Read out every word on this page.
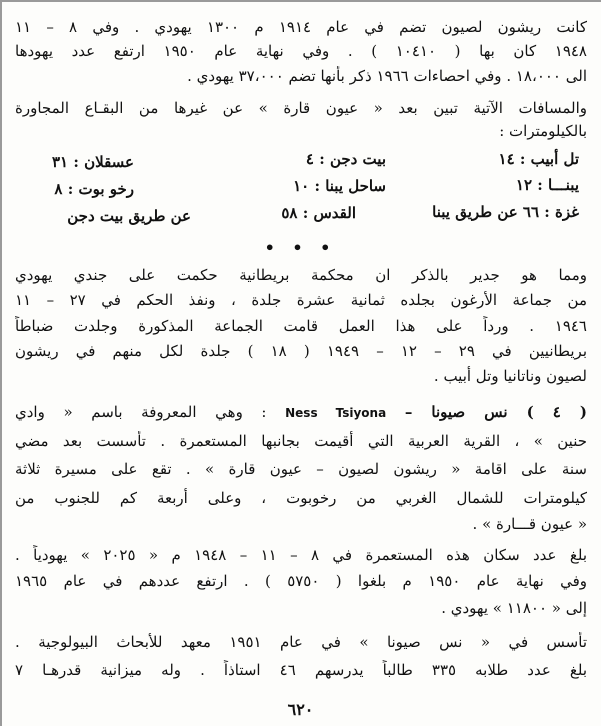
كانت ريشون لصيون تضم في عام ١٩١٤ م ١٣٠٠ يهودي . وفي ٨ – ١١
١٩٤٨ كان بها ( ١٠٤١٠ ) . وفي نهاية عام ١٩٥٠ ارتفع عدد يهودها
الى ١٨،٠٠٠ . وفي احصاءات ١٩٦٦ ذكر بأنها تضم ٣٧،٠٠٠ يهودي .
والمسافات الآتية تبين بعد « عيون قارة » عن غيرها من البقـاع المجاورة
بالكيلومترات :
تل أبيب : ١٤
بيت دجن : ٤
عسقلان : ٣١
يبنـــا : ١٢
ساحل يبنا : ١٠
رخو بوت : ٨
غزة : ٦٦ عن طريق يبنا
القدس : ٥٨
عن طريق بيت دجن
• • •
ومما هو جدير بالذكر ان محكمة بريطانية حكمت على جندي يهودي
من جماعة الأرغون بجلده ثمانية عشرة جلدة ، ونفذ الحكم في ٢٧ – ١١
١٩٤٦ . ورداً على هذا العمل قامت الجماعة المذكورة وجلدت ضباطاً
بريطانيين في ٢٩ – ١٢ – ١٩٤٩ ( ١٨ ) جلدة لكل منهم في ريشون
لصيون وناتانيا وتل أبيب .
( ٤ ) نس صيونا – Ness Tsiyona : وهي المعروفة باسم « وادي
حنين » ، القرية العربية التي أقيمت بجانبها المستعمرة . تأسست بعد مضي
سنة على اقامة « ريشون لصيون – عيون قارة » . تقع على مسيرة ثلاثة
كيلومترات للشمال الغربي من رخوبوت ، وعلى أربعة كم للجنوب من
« عيون قـــارة » .
بلغ عدد سكان هذه المستعمرة في ٨ – ١١ – ١٩٤٨ م « ٢٠٢٥ » يهودياً .
وفي نهاية عام ١٩٥٠ م بلغوا ( ٥٧٥٠ ) . ارتفع عددهم في عام ١٩٦٥
إلى « ١١٨٠٠ » يهودي .
تأسس في « نس صيونا » في عام ١٩٥١ معهد للأبحاث البيولوجية .
بلغ عدد طلابه ٣٣٥ طالباً يدرسهم ٤٦ استاذاً . وله ميزانية قدرهـا ٧
٦٢٠
